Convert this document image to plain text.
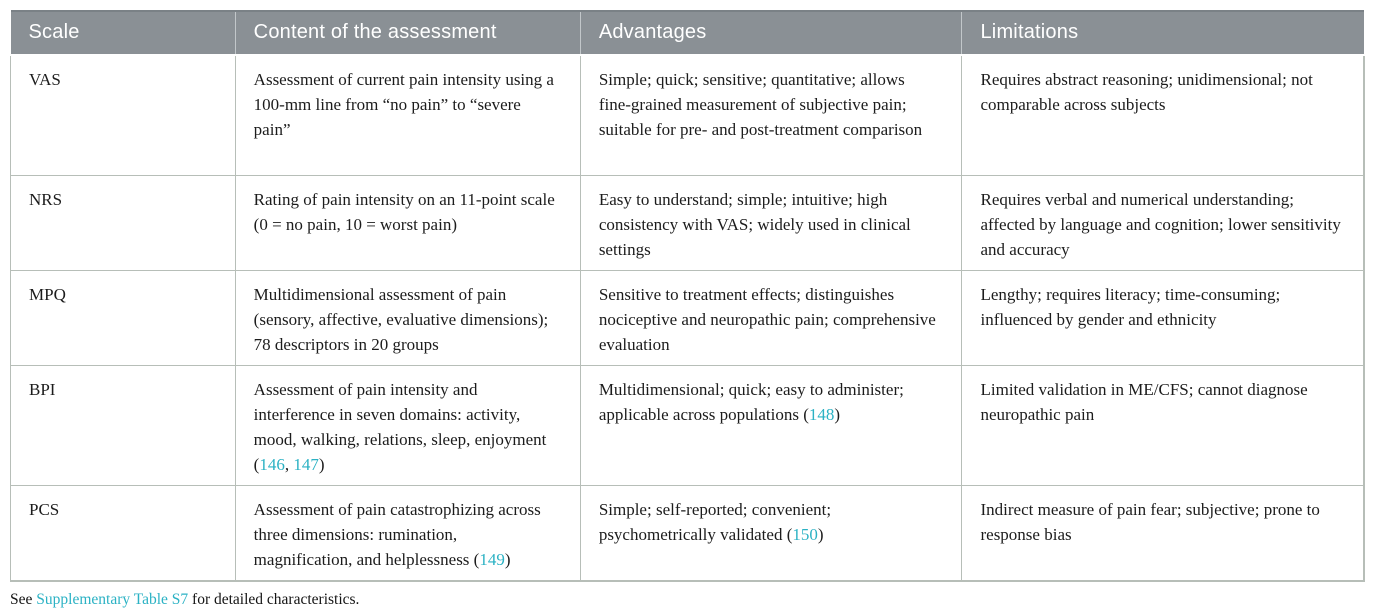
Scale	Content of the assessment	Advantages	Limitations
VAS	Assessment of current pain intensity using a 100-mm line from “no pain” to “severe pain”	Simple; quick; sensitive; quantitative; allows fine-grained measurement of subjective pain; suitable for pre- and post-treatment comparison	Requires abstract reasoning; unidimensional; not comparable across subjects
NRS	Rating of pain intensity on an 11-point scale (0 = no pain, 10 = worst pain)	Easy to understand; simple; intuitive; high consistency with VAS; widely used in clinical settings	Requires verbal and numerical understanding; affected by language and cognition; lower sensitivity and accuracy
MPQ	Multidimensional assessment of pain (sensory, affective, evaluative dimensions); 78 descriptors in 20 groups	Sensitive to treatment effects; distinguishes nociceptive and neuropathic pain; comprehensive evaluation	Lengthy; requires literacy; time-consuming; influenced by gender and ethnicity
BPI	Assessment of pain intensity and interference in seven domains: activity, mood, walking, relations, sleep, enjoyment (146, 147)	Multidimensional; quick; easy to administer; applicable across populations (148)	Limited validation in ME/CFS; cannot diagnose neuropathic pain
PCS	Assessment of pain catastrophizing across three dimensions: rumination, magnification, and helplessness (149)	Simple; self-reported; convenient; psychometrically validated (150)	Indirect measure of pain fear; subjective; prone to response bias

See Supplementary Table S7 for detailed characteristics.
